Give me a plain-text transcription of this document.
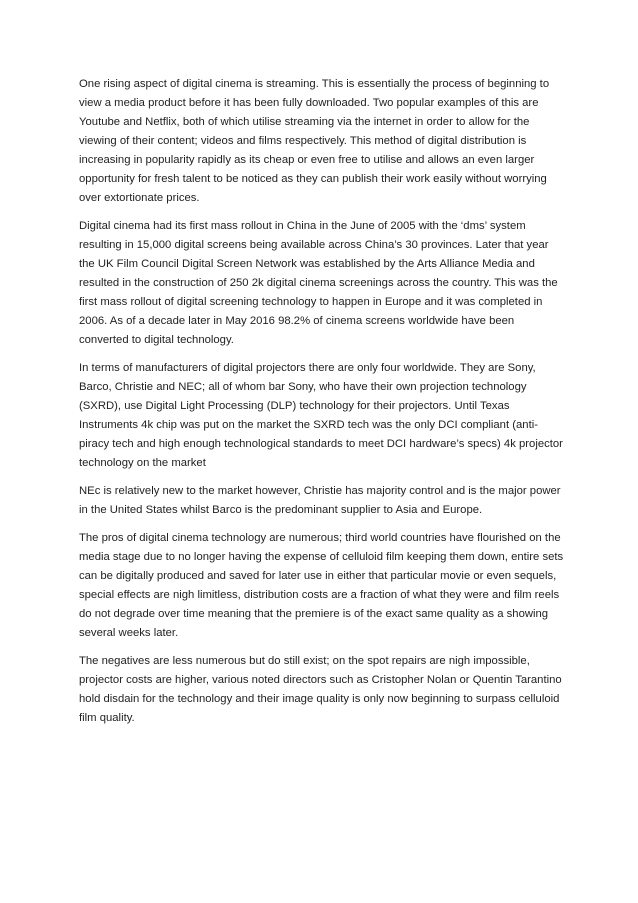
One rising aspect of digital cinema is streaming. This is essentially the process of beginning to view a media product before it has been fully downloaded. Two popular examples of this are Youtube and Netflix, both of which utilise streaming via the internet in order to allow for the viewing of their content; videos and films respectively. This method of digital distribution is increasing in popularity rapidly as its cheap or even free to utilise and allows an even larger opportunity for fresh talent to be noticed as they can publish their work easily without worrying over extortionate prices.

Digital cinema had its first mass rollout in China in the June of 2005 with the ‘dms’ system resulting in 15,000 digital screens being available across China’s 30 provinces. Later that year the UK Film Council Digital Screen Network was established by the Arts Alliance Media and resulted in the construction of 250 2k digital cinema screenings across the country. This was the first mass rollout of digital screening technology to happen in Europe and it was completed in 2006. As of a decade later in May 2016 98.2% of cinema screens worldwide have been converted to digital technology.

In terms of manufacturers of digital projectors there are only four worldwide. They are Sony, Barco, Christie and NEC; all of whom bar Sony, who have their own projection technology (SXRD), use Digital Light Processing (DLP) technology for their projectors. Until Texas Instruments 4k chip was put on the market the SXRD tech was the only DCI compliant (anti-piracy tech and high enough technological standards to meet DCI hardware’s specs) 4k projector technology on the market

NEc is relatively new to the market however, Christie has majority control and is the major power in the United States whilst Barco is the predominant supplier to Asia and Europe.

The pros of digital cinema technology are numerous; third world countries have flourished on the media stage due to no longer having the expense of celluloid film keeping them down, entire sets can be digitally produced and saved for later use in either that particular movie or even sequels, special effects are nigh limitless, distribution costs are a fraction of what they were and film reels do not degrade over time meaning that the premiere is of the exact same quality as a showing several weeks later.

The negatives are less numerous but do still exist; on the spot repairs are nigh impossible, projector costs are higher, various noted directors such as Cristopher Nolan or Quentin Tarantino hold disdain for the technology and their image quality is only now beginning to surpass celluloid film quality.
